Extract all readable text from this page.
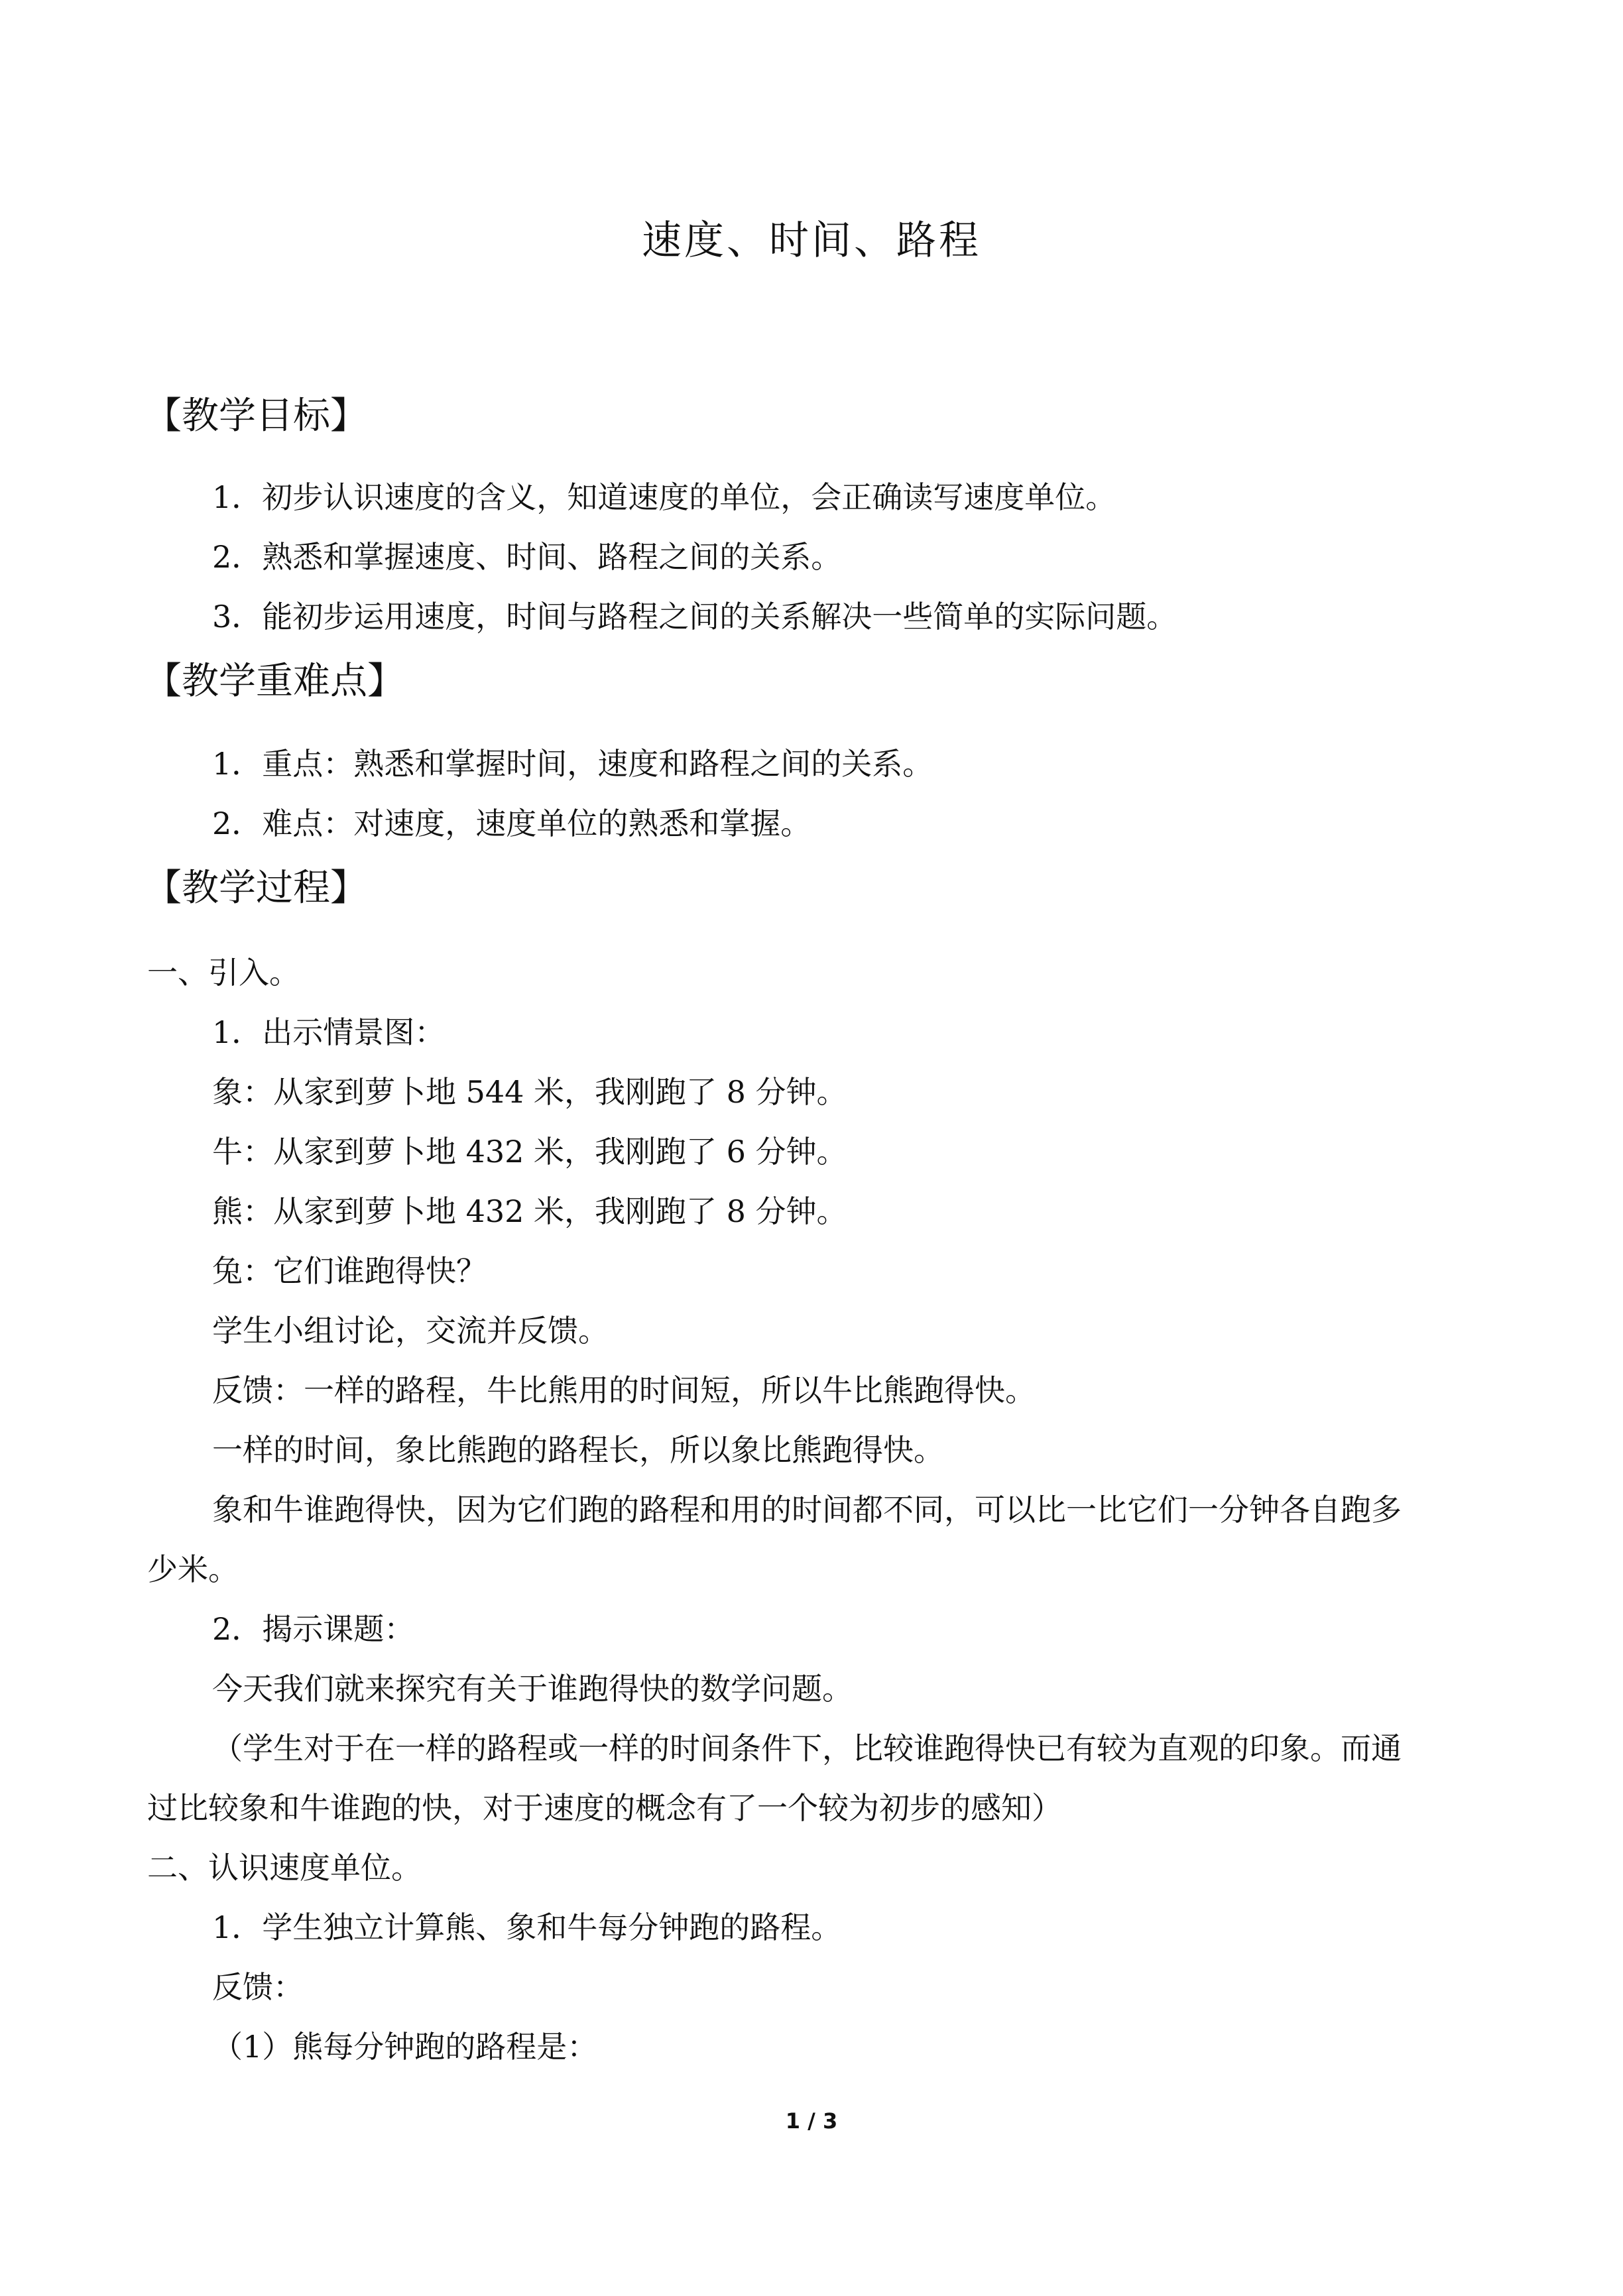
速度、时间、路程
【教学目标】

1．初步认识速度的含义，知道速度的单位，会正确读写速度单位。

2．熟悉和掌握速度、时间、路程之间的关系。

3．能初步运用速度，时间与路程之间的关系解决一些简单的实际问题。

【教学重难点】

1．重点：熟悉和掌握时间，速度和路程之间的关系。

2．难点：对速度，速度单位的熟悉和掌握。

【教学过程】

一、引入。

1．出示情景图：

象：从家到萝卜地 544 米，我刚跑了 8 分钟。

牛：从家到萝卜地 432 米，我刚跑了 6 分钟。

熊：从家到萝卜地 432 米，我刚跑了 8 分钟。

兔：它们谁跑得快？

学生小组讨论，交流并反馈。

反馈：一样的路程，牛比熊用的时间短，所以牛比熊跑得快。

一样的时间，象比熊跑的路程长，所以象比熊跑得快。

象和牛谁跑得快，因为它们跑的路程和用的时间都不同，可以比一比它们一分钟各自跑多

少米。

2．揭示课题：

今天我们就来探究有关于谁跑得快的数学问题。

（学生对于在一样的路程或一样的时间条件下，比较谁跑得快已有较为直观的印象。而通

过比较象和牛谁跑的快，对于速度的概念有了一个较为初步的感知）

二、认识速度单位。

1．学生独立计算熊、象和牛每分钟跑的路程。

反馈：

（1）熊每分钟跑的路程是：

1 / 3
